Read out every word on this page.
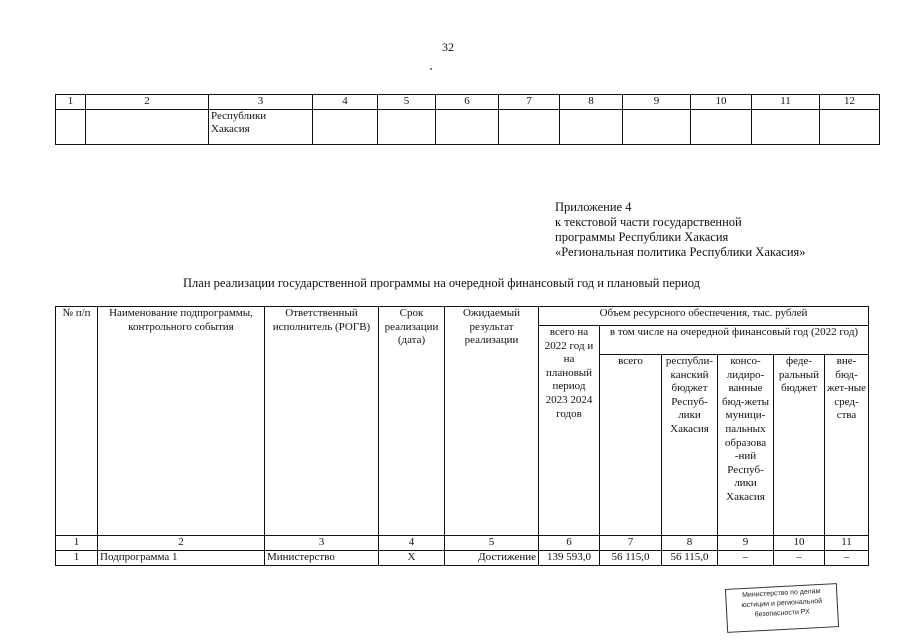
32
1	2	3	4	5	6	7	8	9	10	11	12
		Республики
Хакасия									
Приложение 4
к текстовой части государственной
программы Республики Хакасия
«Региональная политика Республики Хакасия»
План реализации государственной программы на очередной финансовый год и плановый период
№ п/п	Наименование подпрограммы, контрольного события	Ответственный исполнитель (РОГВ)	Срок реализации (дата)	Ожидаемый результат реализации	Объем ресурсного обеспечения, тыс. рублей					
					всего на 2022 год и на плановый период 2023 2024 годов	в том числе на очередной финансовый год (2022 год)				
						всего	республи-канский бюджет Респуб-лики Хакасия	консо-лидиро-ванные бюд-жеты муници-пальных образова -ний Респуб-лики Хакасия	феде-ральный бюджет	вне-бюд-жет-ные сред-ства
1	2	3	4	5	6	7	8	9	10	11
1	Подпрограмма 1	Министерство	Х	Достижение	139 593,0	56 115,0	56 115,0	–	–	–
Министерство по делам
юстиции и региональной
безопасности РХ
